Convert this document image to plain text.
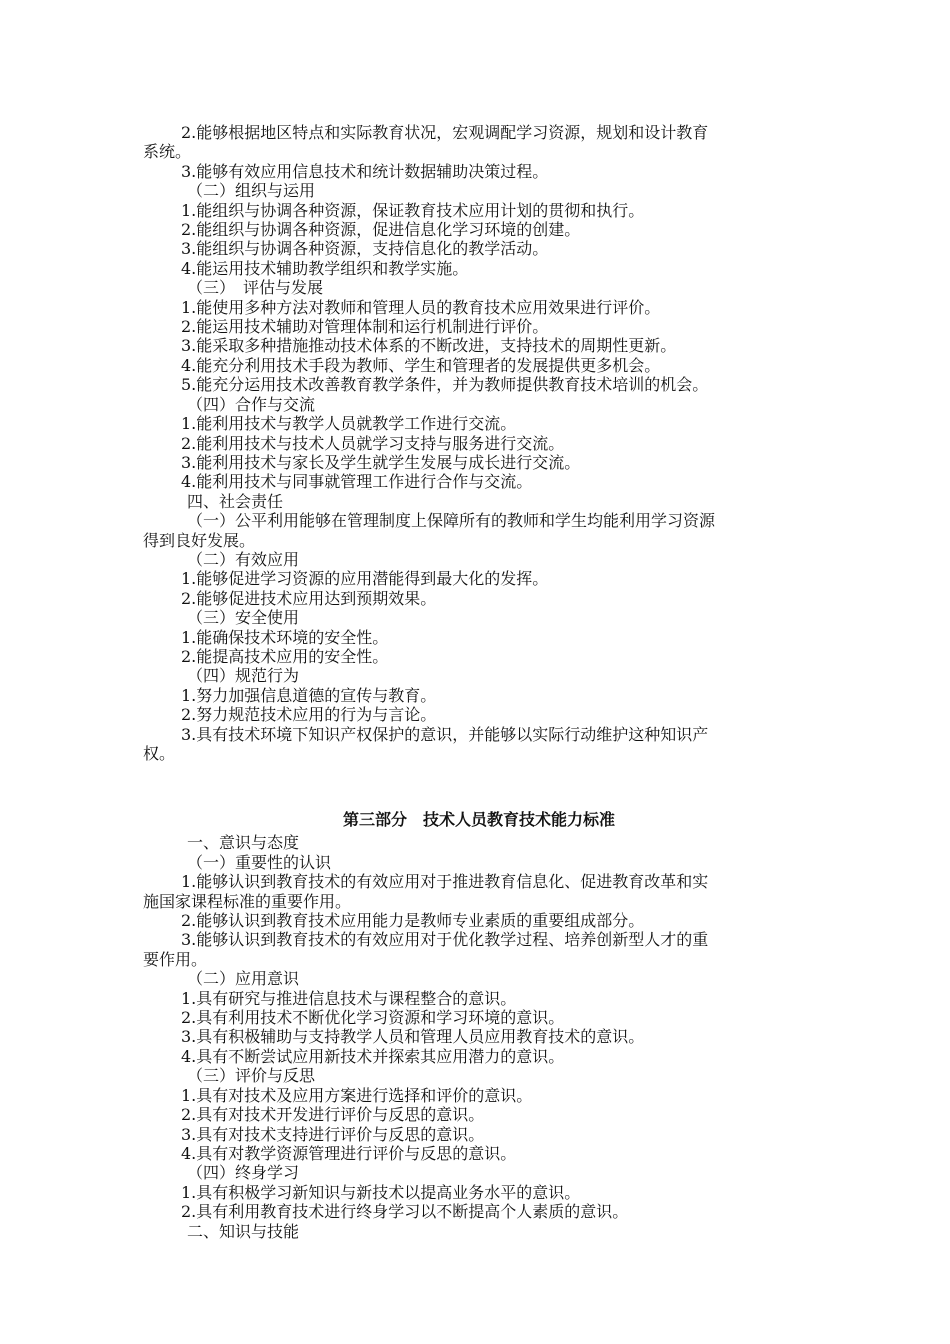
2.能够根据地区特点和实际教育状况，宏观调配学习资源，规划和设计教育
系统。
3.能够有效应用信息技术和统计数据辅助决策过程。
（二）组织与运用
1.能组织与协调各种资源，保证教育技术应用计划的贯彻和执行。
2.能组织与协调各种资源，促进信息化学习环境的创建。
3.能组织与协调各种资源，支持信息化的教学活动。
4.能运用技术辅助教学组织和教学实施。
（三）　评估与发展
1.能使用多种方法对教师和管理人员的教育技术应用效果进行评价。
2.能运用技术辅助对管理体制和运行机制进行评价。
3.能采取多种措施推动技术体系的不断改进，支持技术的周期性更新。
4.能充分利用技术手段为教师、学生和管理者的发展提供更多机会。
5.能充分运用技术改善教育教学条件，并为教师提供教育技术培训的机会。
（四）合作与交流
1.能利用技术与教学人员就教学工作进行交流。
2.能利用技术与技术人员就学习支持与服务进行交流。
3.能利用技术与家长及学生就学生发展与成长进行交流。
4.能利用技术与同事就管理工作进行合作与交流。
四、社会责任
（一）公平利用能够在管理制度上保障所有的教师和学生均能利用学习资源
得到良好发展。
（二）有效应用
1.能够促进学习资源的应用潜能得到最大化的发挥。
2.能够促进技术应用达到预期效果。
（三）安全使用
1.能确保技术环境的安全性。
2.能提高技术应用的安全性。
（四）规范行为
1.努力加强信息道德的宣传与教育。
2.努力规范技术应用的行为与言论。
3.具有技术环境下知识产权保护的意识，并能够以实际行动维护这种知识产
权。
第三部分　技术人员教育技术能力标准
一、意识与态度
（一）重要性的认识
1.能够认识到教育技术的有效应用对于推进教育信息化、促进教育改革和实
施国家课程标准的重要作用。
2.能够认识到教育技术应用能力是教师专业素质的重要组成部分。
3.能够认识到教育技术的有效应用对于优化教学过程、培养创新型人才的重
要作用。
（二）应用意识
1.具有研究与推进信息技术与课程整合的意识。
2.具有利用技术不断优化学习资源和学习环境的意识。
3.具有积极辅助与支持教学人员和管理人员应用教育技术的意识。
4.具有不断尝试应用新技术并探索其应用潜力的意识。
（三）评价与反思
1.具有对技术及应用方案进行选择和评价的意识。
2.具有对技术开发进行评价与反思的意识。
3.具有对技术支持进行评价与反思的意识。
4.具有对教学资源管理进行评价与反思的意识。
（四）终身学习
1.具有积极学习新知识与新技术以提高业务水平的意识。
2.具有利用教育技术进行终身学习以不断提高个人素质的意识。
二、知识与技能
